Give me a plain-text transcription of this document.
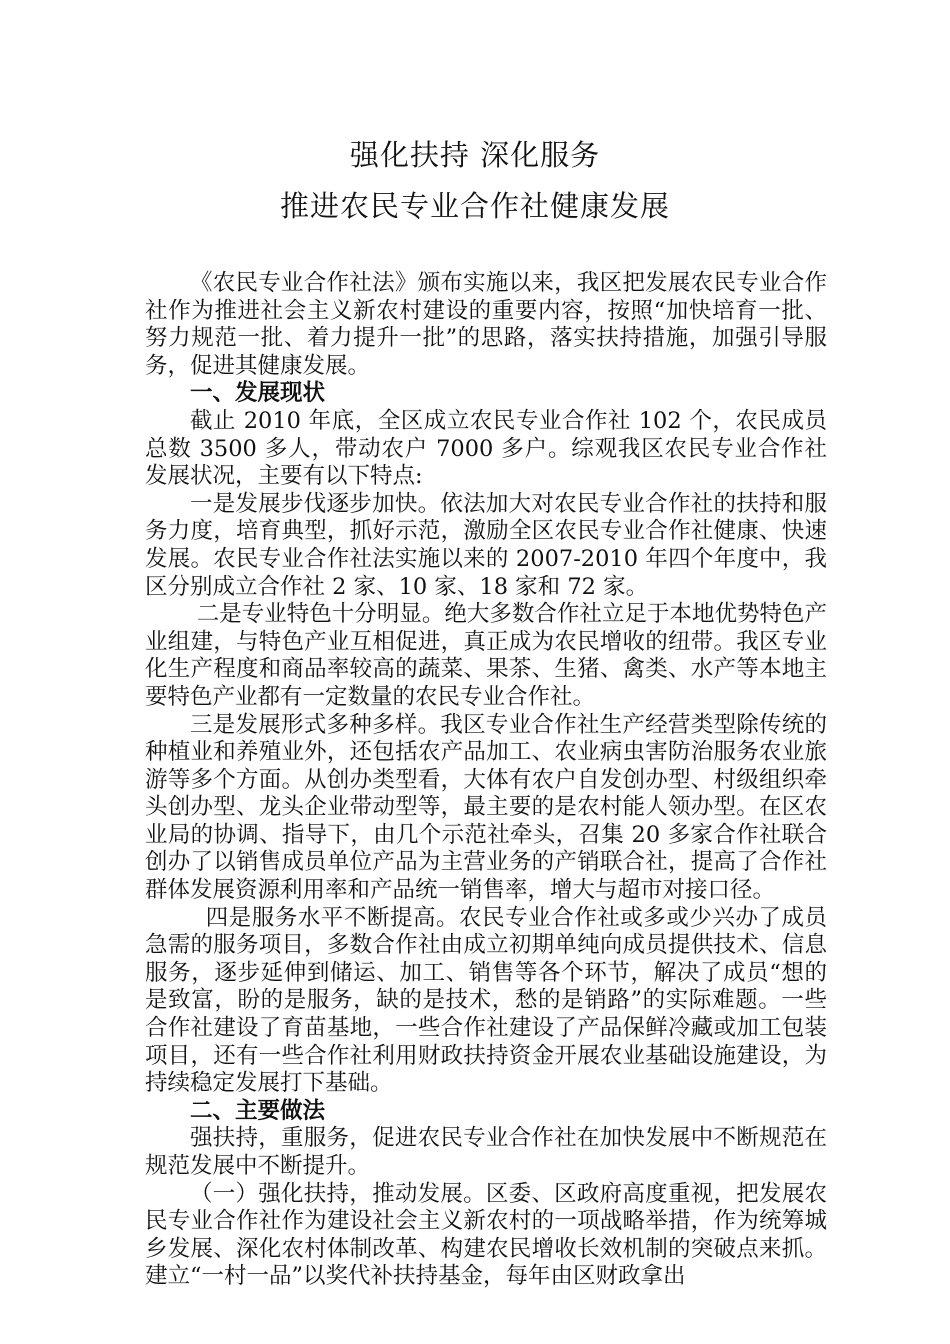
强化扶持 深化服务
推进农民专业合作社健康发展

《农民专业合作社法》颁布实施以来，我区把发展农民专业合作社作为推进社会主义新农村建设的重要内容，按照“加快培育一批、努力规范一批、着力提升一批”的思路，落实扶持措施，加强引导服务，促进其健康发展。

一、发展现状

截止 2010 年底，全区成立农民专业合作社 102 个，农民成员总数 3500 多人，带动农户 7000 多户。综观我区农民专业合作社发展状况，主要有以下特点:

一是发展步伐逐步加快。依法加大对农民专业合作社的扶持和服务力度，培育典型，抓好示范，激励全区农民专业合作社健康、快速发展。农民专业合作社法实施以来的 2007-2010 年四个年度中，我区分别成立合作社 2 家、10 家、18 家和 72 家。

二是专业特色十分明显。绝大多数合作社立足于本地优势特色产业组建，与特色产业互相促进，真正成为农民增收的纽带。我区专业化生产程度和商品率较高的蔬菜、果茶、生猪、禽类、水产等本地主要特色产业都有一定数量的农民专业合作社。

三是发展形式多种多样。我区专业合作社生产经营类型除传统的种植业和养殖业外，还包括农产品加工、农业病虫害防治服务农业旅游等多个方面。从创办类型看，大体有农户自发创办型、村级组织牵头创办型、龙头企业带动型等，最主要的是农村能人领办型。在区农业局的协调、指导下，由几个示范社牵头，召集 20 多家合作社联合创办了以销售成员单位产品为主营业务的产销联合社，提高了合作社群体发展资源利用率和产品统一销售率，增大与超市对接口径。

四是服务水平不断提高。农民专业合作社或多或少兴办了成员急需的服务项目，多数合作社由成立初期单纯向成员提供技术、信息服务，逐步延伸到储运、加工、销售等各个环节，解决了成员“想的是致富，盼的是服务，缺的是技术，愁的是销路”的实际难题。一些合作社建设了育苗基地，一些合作社建设了产品保鲜冷藏或加工包装项目，还有一些合作社利用财政扶持资金开展农业基础设施建设，为持续稳定发展打下基础。

二、主要做法

强扶持，重服务，促进农民专业合作社在加快发展中不断规范在规范发展中不断提升。

（一）强化扶持，推动发展。区委、区政府高度重视，把发展农民专业合作社作为建设社会主义新农村的一项战略举措，作为统筹城乡发展、深化农村体制改革、构建农民增收长效机制的突破点来抓。建立“一村一品”以奖代补扶持基金，每年由区财政拿出
